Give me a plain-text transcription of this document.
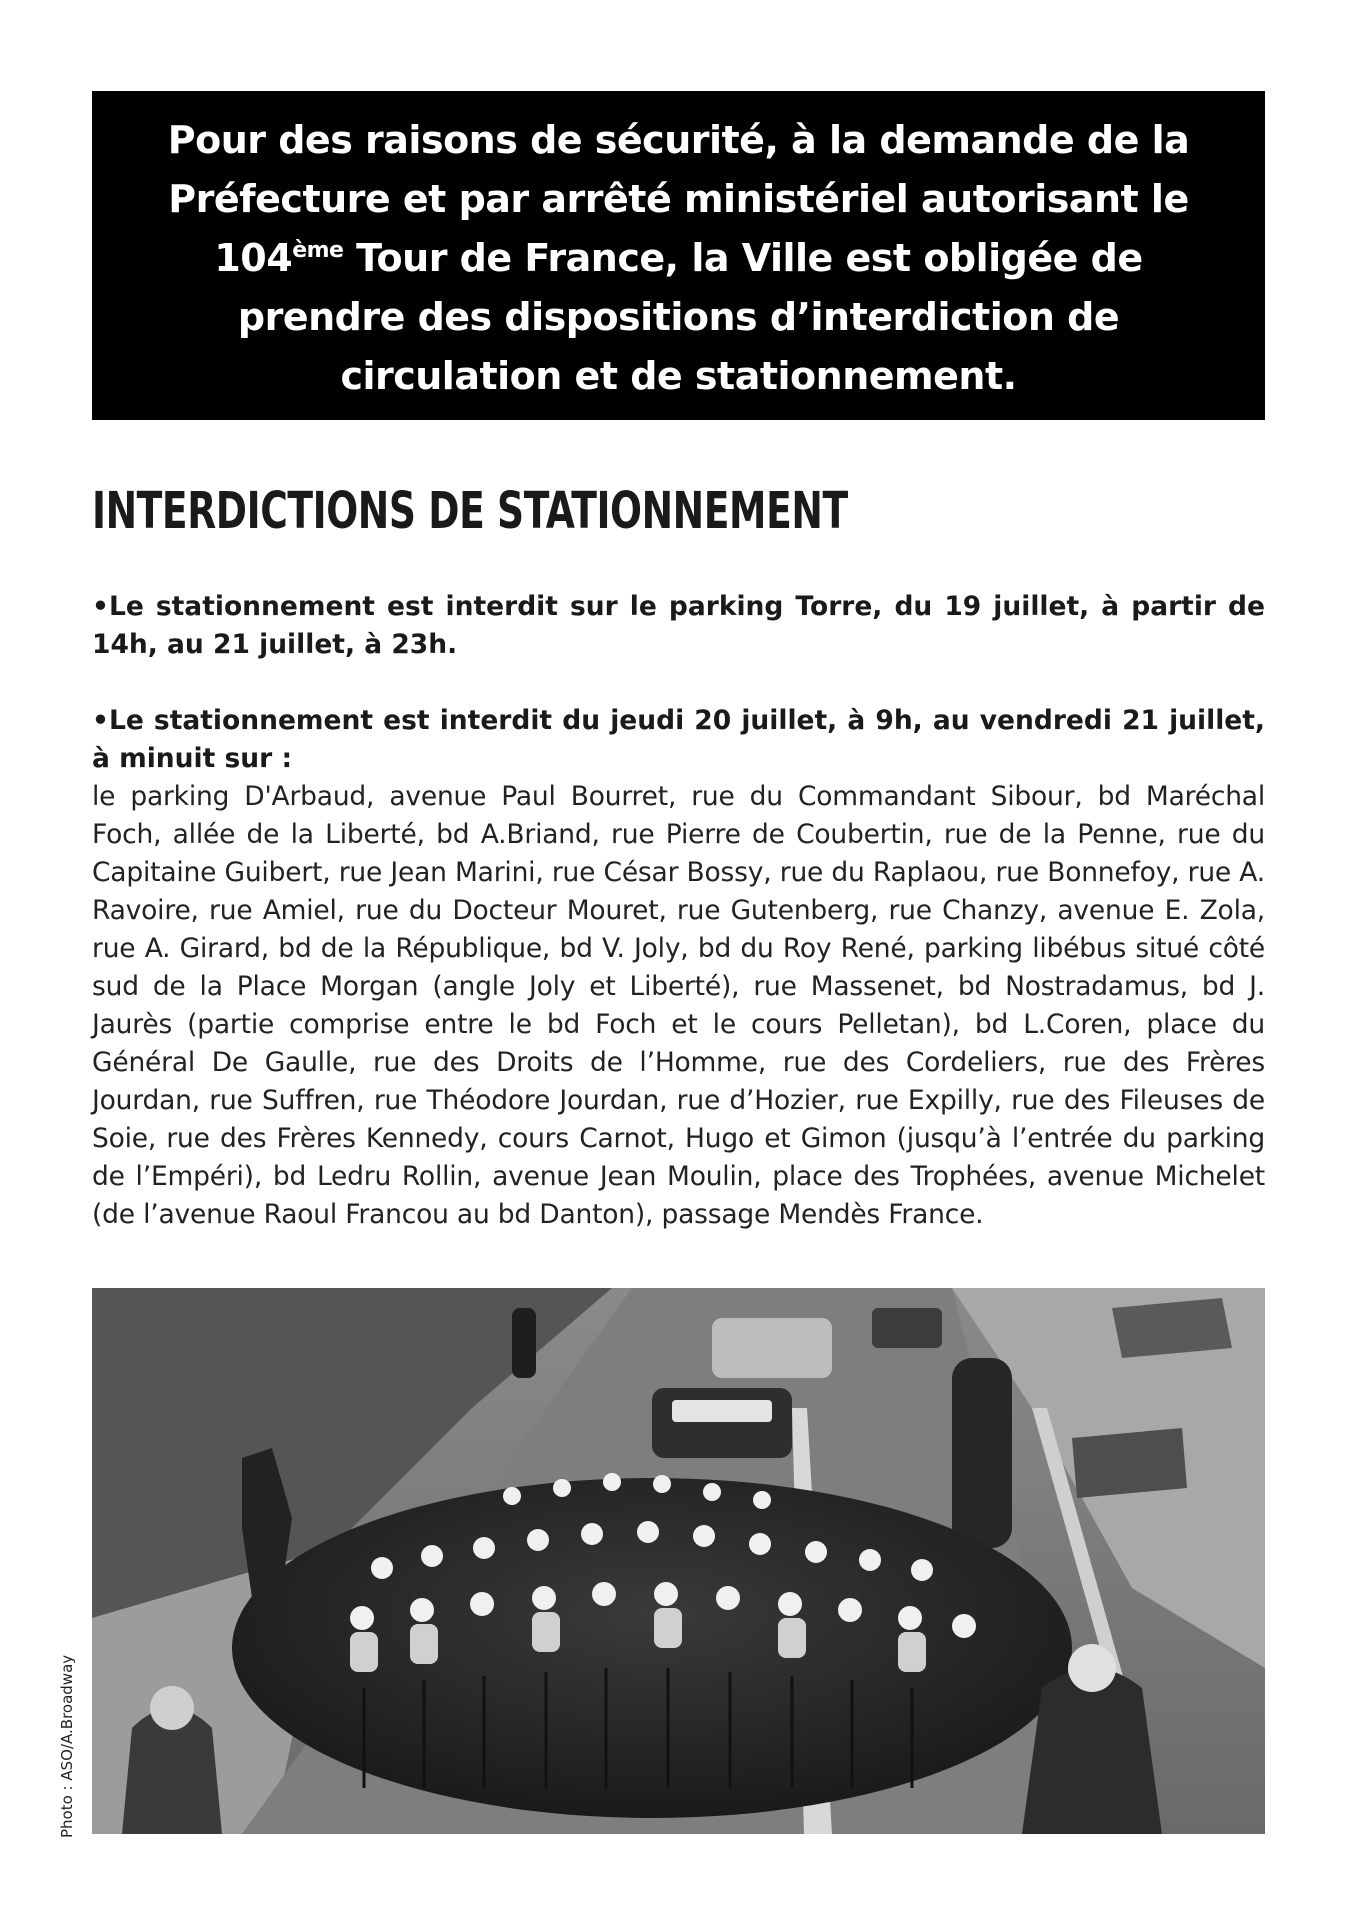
Pour des raisons de sécurité, à la demande de la

Préfecture et par arrêté ministériel autorisant le

104ème Tour de France, la Ville est obligée de

prendre des dispositions d’interdiction de

circulation et de stationnement.

INTERDICTIONS DE STATIONNEMENT

•Le stationnement est interdit sur le parking Torre, du 19 juillet, à partir de 14h, au 21 juillet, à 23h.

•Le stationnement est interdit du jeudi 20 juillet, à 9h, au vendredi 21 juillet, à minuit sur :

le parking D'Arbaud, avenue Paul Bourret, rue du Commandant Sibour, bd Maréchal Foch, allée de la Liberté, bd A.Briand, rue Pierre de Coubertin, rue de la Penne, rue du Capitaine Guibert, rue Jean Marini, rue César Bossy, rue du Raplaou, rue Bonnefoy, rue A. Ravoire, rue Amiel, rue du Docteur Mouret, rue Gutenberg, rue Chanzy, avenue E. Zola, rue A. Girard, bd de la République, bd V. Joly, bd du Roy René, parking libébus situé côté sud de la Place Morgan (angle Joly et Liberté), rue Massenet, bd Nostradamus, bd J. Jaurès (partie comprise entre le bd Foch et le cours Pelletan), bd L.Coren, place du Général De Gaulle, rue des Droits de l’Homme, rue des Cordeliers, rue des Frères Jourdan, rue Suffren, rue Théodore Jourdan, rue d’Hozier, rue Expilly, rue des Fileuses de Soie, rue des Frères Kennedy, cours Carnot, Hugo et Gimon (jusqu’à l’entrée du parking de l’Empéri), bd Ledru Rollin, avenue Jean Moulin, place des Trophées, avenue Michelet (de l’avenue Raoul Francou au bd Danton), passage Mendès France.

Photo : ASO/A.Broadway
